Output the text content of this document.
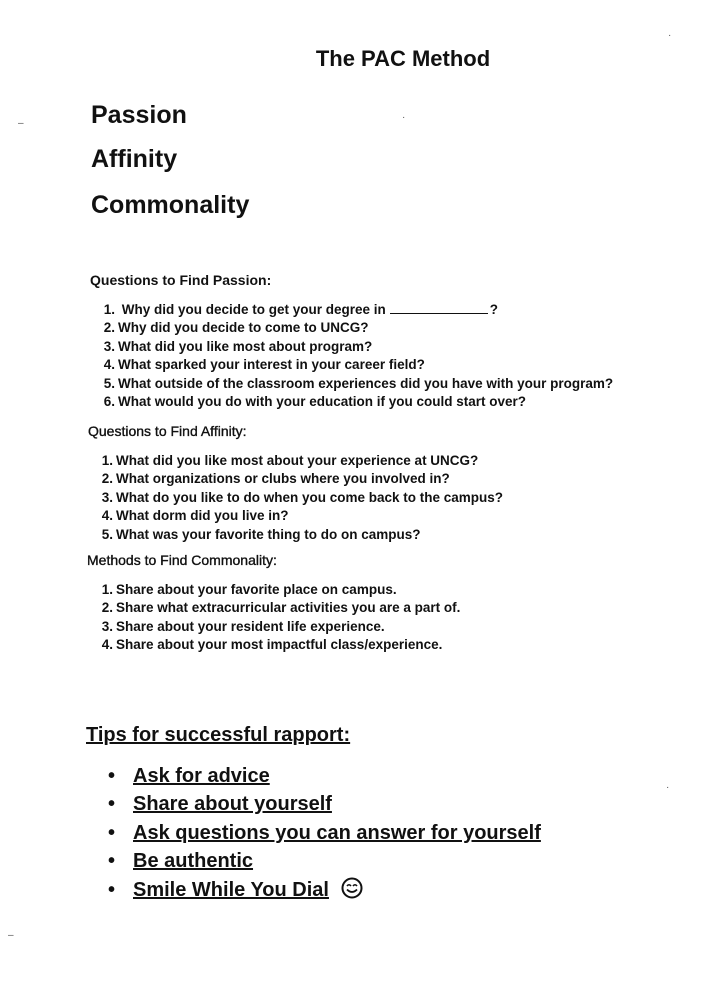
The PAC Method
Passion
Affinity
Commonality
Questions to Find Passion:
1. Why did you decide to get your degree in	?
2. Why did you decide to come to UNCG?
3. What did you like most about program?
4. What sparked your interest in your career field?
5. What outside of the classroom experiences did you have with your program?
6. What would you do with your education if you could start over?
Questions to Find Affinity:
1. What did you like most about your experience at UNCG?
2. What organizations or clubs where you involved in?
3. What do you like to do when you come back to the campus?
4. What dorm did you live in?
5. What was your favorite thing to do on campus?
Methods to Find Commonality:
1. Share about your favorite place on campus.
2. Share what extracurricular activities you are a part of.
3. Share about your resident life experience.
4. Share about your most impactful class/experience.
Tips for successful rapport:
• Ask for advice
• Share about yourself
• Ask questions you can answer for yourself
• Be authentic
• Smile While You Dial
·
·
·
–
–
